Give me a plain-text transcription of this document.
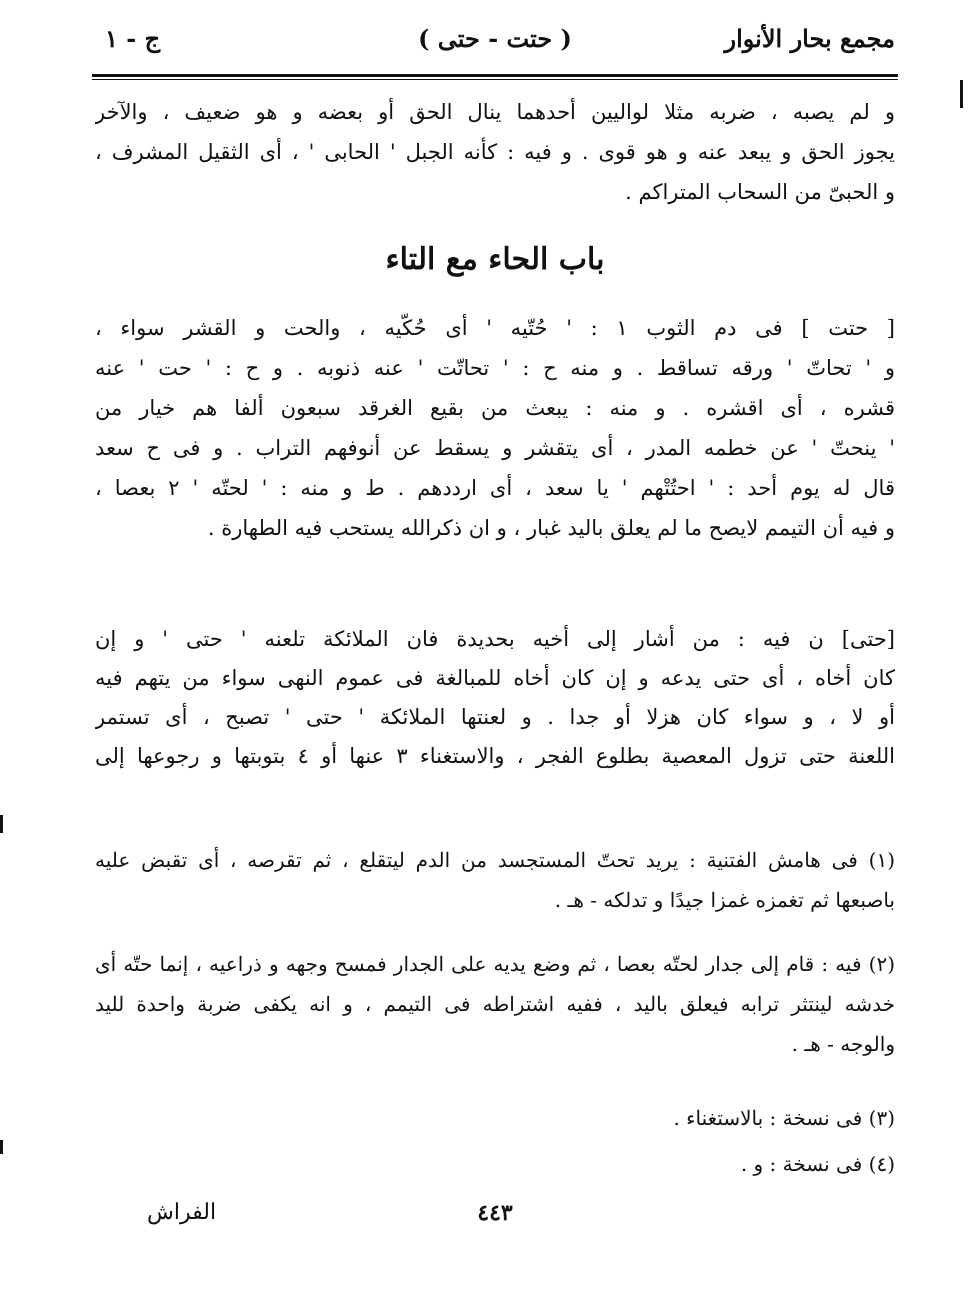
مجمع بحار الأنوار
( حتت - حتى )
ج - ١
و لم يصبه ، ضربه مثلا لواليين أحدهما ينال الحق أو بعضه و هو ضعيف ، والآخر
يجوز الحق و يبعد عنه و هو قوى . و فيه : كأنه الجبل ' الحابى ' ، أى الثقيل المشرف ،
و الحبىّ من السحاب المتراكم .
باب الحاء مع التاء
[ حتت ] فى دم الثوب ١ : ' حُتّيه ' أى حُكّيه ، والحت و القشر سواء ،
و ' تحاتّ ' ورقه تساقط . و منه ح : ' تحاتّت ' عنه ذنوبه . و ح : ' حت ' عنه
قشره ، أى اقشره . و منه : يبعث من بقيع الغرقد سبعون ألفا هم خيار من
' ينحتّ ' عن خطمه المدر ، أى يتقشر و يسقط عن أنوفهم التراب . و فى ح سعد
قال له يوم أحد : ' احتُتْهم ' يا سعد ، أى ارددهم . ط و منه : ' لحتّه ' ٢ بعصا ،
و فيه أن التيمم لايصح ما لم يعلق باليد غبار ، و ان ذكرالله يستحب فيه الطهارة .
[حتى] ن فيه : من أشار إلى أخيه بحديدة فان الملائكة تلعنه ' حتى ' و إن
كان أخاه ، أى حتى يدعه و إن كان أخاه للمبالغة فى عموم النهى سواء من يتهم فيه
أو لا ، و سواء كان هزلا أو جدا . و لعنتها الملائكة ' حتى ' تصبح ، أى تستمر
اللعنة حتى تزول المعصية بطلوع الفجر ، والاستغناء ٣ عنها أو ٤ بتوبتها و رجوعها إلى
(١) فى هامش الفتنية : يريد تحتّ المستجسد من الدم ليتقلع ، ثم تقرصه ، أى تقبض عليه
باصبعها ثم تغمزه غمزا جيدًا و تدلكه - هـ .
(٢) فيه : قام إلى جدار لحتّه بعصا ، ثم وضع يديه على الجدار فمسح وجهه و ذراعيه ، إنما حتّه أى
خدشه لينتثر ترابه فيعلق باليد ، ففيه اشتراطه فى التيمم ، و انه يكفى ضربة واحدة لليد
والوجه - هـ .
(٣) فى نسخة : بالاستغناء .
(٤) فى نسخة : و .
٤٤٣
الفراش
